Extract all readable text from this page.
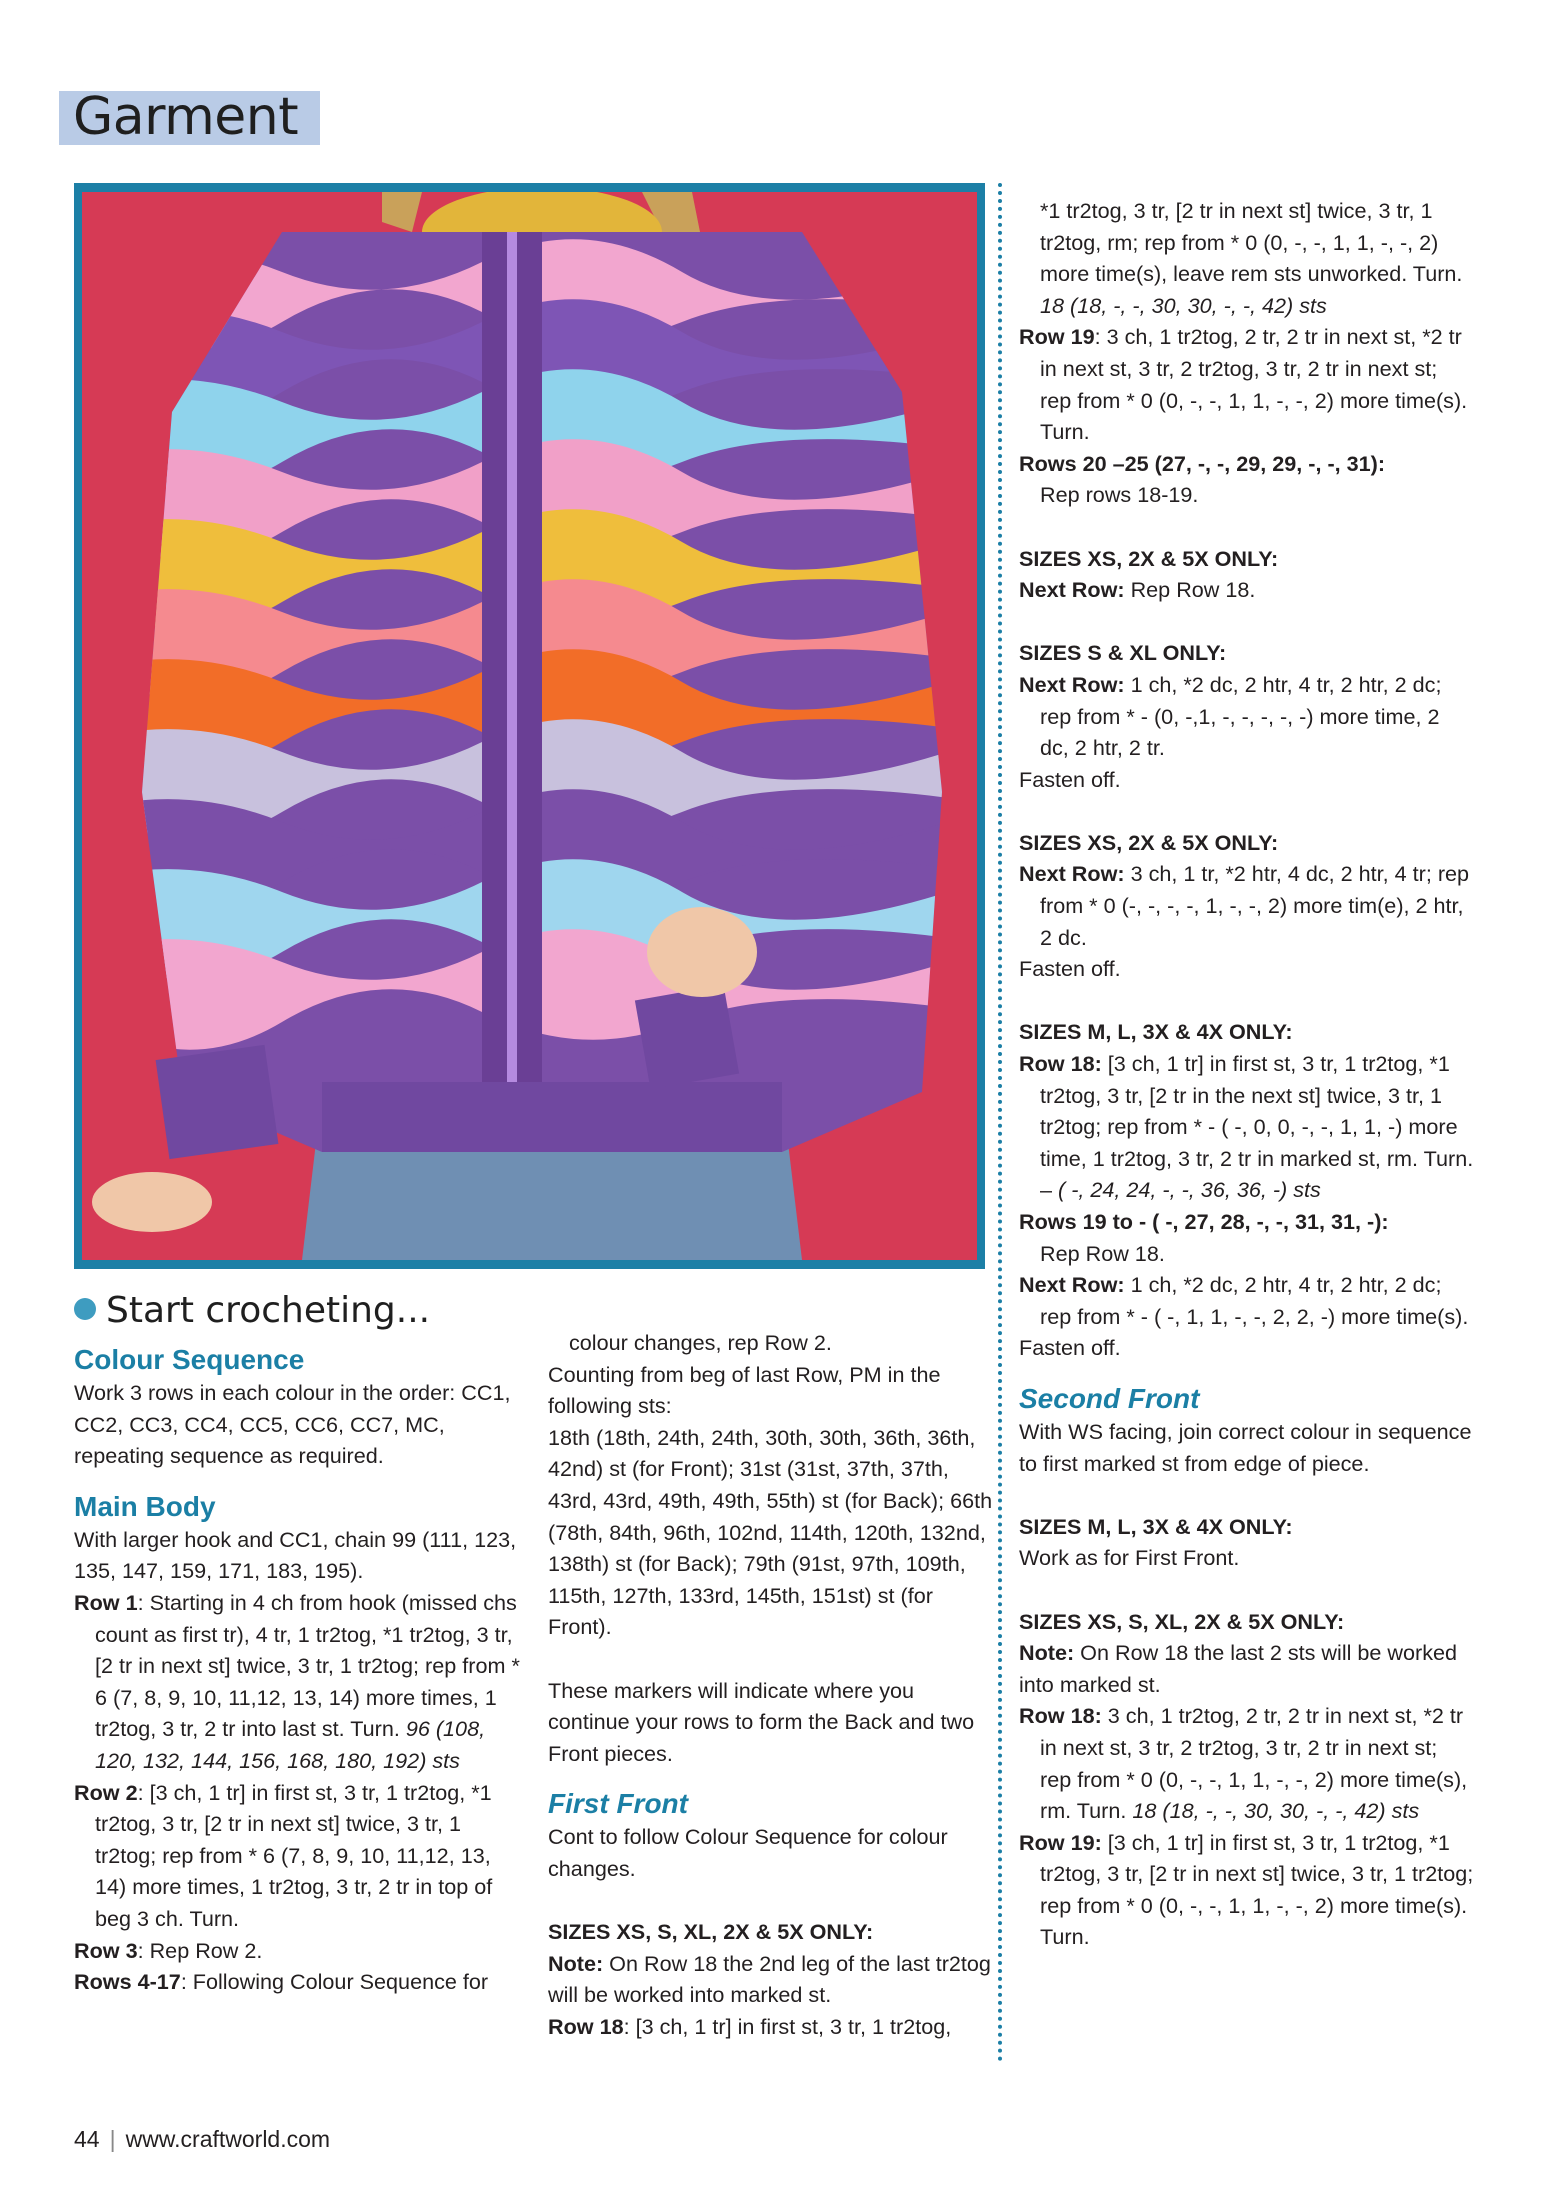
Garment
Start crocheting...

Colour Sequence

Work 3 rows in each colour in the order: CC1, CC2, CC3, CC4, CC5, CC6, CC7, MC, repeating sequence as required.

Main Body

With larger hook and CC1, chain 99 (111, 123, 135, 147, 159, 171, 183, 195).

Row 1: Starting in 4 ch from hook (missed chs count as first tr), 4 tr, 1 tr2tog, *1 tr2tog, 3 tr, [2 tr in next st] twice, 3 tr, 1 tr2tog; rep from * 6 (7, 8, 9, 10, 11,12, 13, 14) more times, 1 tr2tog, 3 tr, 2 tr into last st. Turn. 96 (108, 120, 132, 144, 156, 168, 180, 192) sts

Row 2: [3 ch, 1 tr] in first st, 3 tr, 1 tr2tog, *1 tr2tog, 3 tr, [2 tr in next st] twice, 3 tr, 1 tr2tog; rep from * 6 (7, 8, 9, 10, 11,12, 13, 14) more times, 1 tr2tog, 3 tr, 2 tr in top of beg 3 ch. Turn.

Row 3: Rep Row 2.

Rows 4-17: Following Colour Sequence for

colour changes, rep Row 2.

Counting from beg of last Row, PM in the following sts:

18th (18th, 24th, 24th, 30th, 30th, 36th, 36th, 42nd) st (for Front); 31st (31st, 37th, 37th, 43rd, 43rd, 49th, 49th, 55th) st (for Back); 66th (78th, 84th, 96th, 102nd, 114th, 120th, 132nd, 138th) st (for Back); 79th (91st, 97th, 109th, 115th, 127th, 133rd, 145th, 151st) st (for Front).

These markers will indicate where you continue your rows to form the Back and two Front pieces.

First Front

Cont to follow Colour Sequence for colour changes.

SIZES XS, S, XL, 2X & 5X ONLY:

Note: On Row 18 the 2nd leg of the last tr2tog will be worked into marked st.

Row 18: [3 ch, 1 tr] in first st, 3 tr, 1 tr2tog,

*1 tr2tog, 3 tr, [2 tr in next st] twice, 3 tr, 1 tr2tog, rm; rep from * 0 (0, -, -, 1, 1, -, -, 2) more time(s), leave rem sts unworked. Turn. 18 (18, -, -, 30, 30, -, -, 42) sts

Row 19: 3 ch, 1 tr2tog, 2 tr, 2 tr in next st, *2 tr in next st, 3 tr, 2 tr2tog, 3 tr, 2 tr in next st; rep from * 0 (0, -, -, 1, 1, -, -, 2) more time(s). Turn.

Rows 20 –25 (27, -, -, 29, 29, -, -, 31):

Rep rows 18-19.

SIZES XS, 2X & 5X ONLY:

Next Row: Rep Row 18.

SIZES S & XL ONLY:

Next Row: 1 ch, *2 dc, 2 htr, 4 tr, 2 htr, 2 dc; rep from * - (0, -,1, -, -, -, -, -) more time, 2 dc, 2 htr, 2 tr.

Fasten off.

SIZES XS, 2X & 5X ONLY:

Next Row: 3 ch, 1 tr, *2 htr, 4 dc, 2 htr, 4 tr; rep from * 0 (-, -, -, -, 1, -, -, 2) more tim(e), 2 htr, 2 dc.

Fasten off.

SIZES M, L, 3X & 4X ONLY:

Row 18: [3 ch, 1 tr] in first st, 3 tr, 1 tr2tog, *1 tr2tog, 3 tr, [2 tr in the next st] twice, 3 tr, 1 tr2tog; rep from * - ( -, 0, 0, -, -, 1, 1, -) more time, 1 tr2tog, 3 tr, 2 tr in marked st, rm. Turn. – ( -, 24, 24, -, -, 36, 36, -) sts

Rows 19 to - ( -, 27, 28, -, -, 31, 31, -):

Rep Row 18.

Next Row: 1 ch, *2 dc, 2 htr, 4 tr, 2 htr, 2 dc; rep from * - ( -, 1, 1, -, -, 2, 2, -) more time(s).

Fasten off.

Second Front

With WS facing, join correct colour in sequence to first marked st from edge of piece.

SIZES M, L, 3X & 4X ONLY:

Work as for First Front.

SIZES XS, S, XL, 2X & 5X ONLY:

Note: On Row 18 the last 2 sts will be worked into marked st.

Row 18: 3 ch, 1 tr2tog, 2 tr, 2 tr in next st, *2 tr in next st, 3 tr, 2 tr2tog, 3 tr, 2 tr in next st; rep from * 0 (0, -, -, 1, 1, -, -, 2) more time(s), rm. Turn. 18 (18, -, -, 30, 30, -, -, 42) sts

Row 19: [3 ch, 1 tr] in first st, 3 tr, 1 tr2tog, *1 tr2tog, 3 tr, [2 tr in next st] twice, 3 tr, 1 tr2tog; rep from * 0 (0, -, -, 1, 1, -, -, 2) more time(s). Turn.

44 | www.craftworld.com
